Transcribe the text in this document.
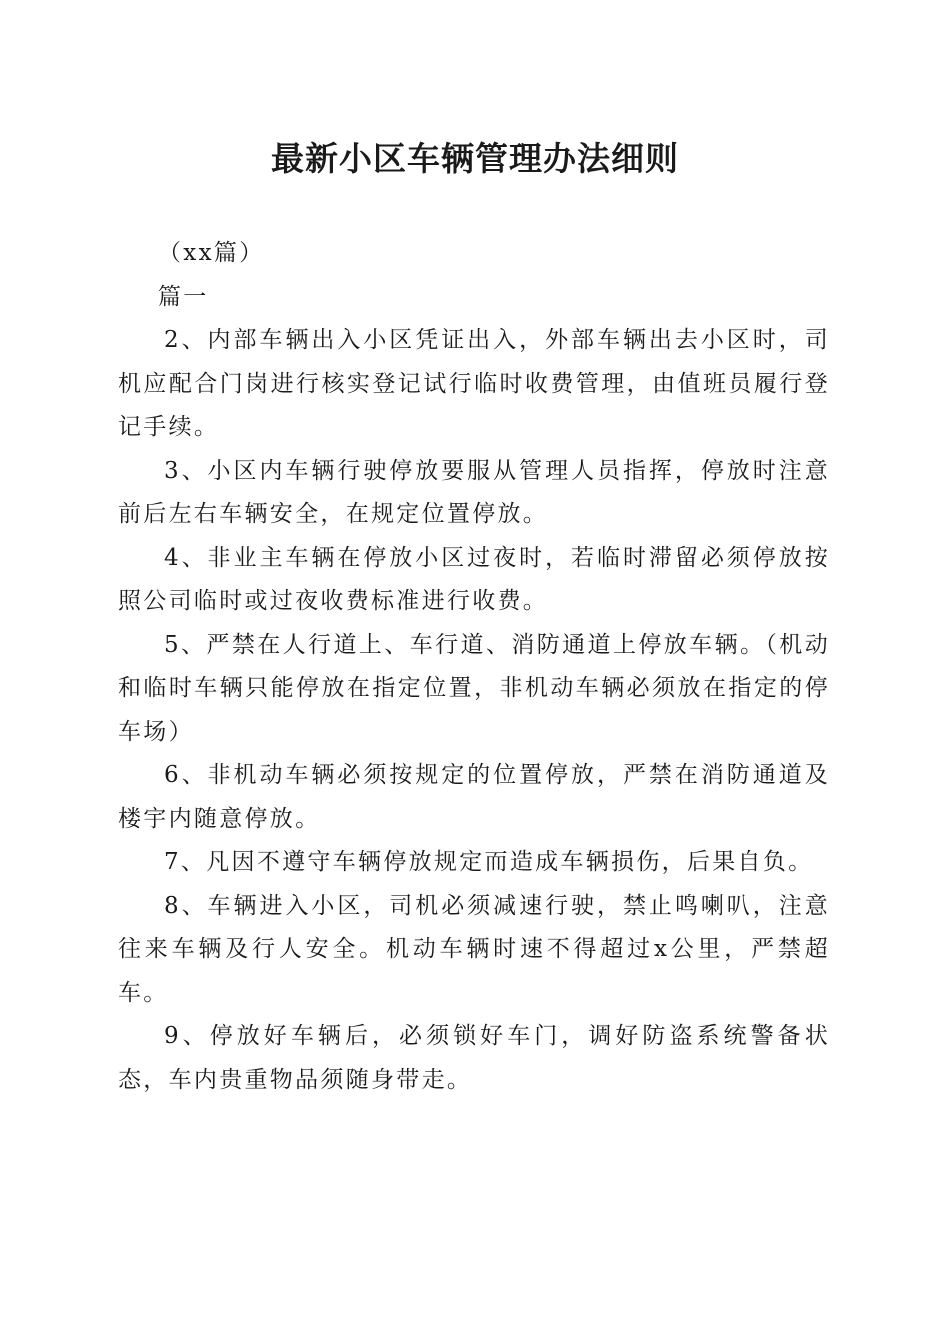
最新小区车辆管理办法细则

（xx篇）

篇一

2、内部车辆出入小区凭证出入，外部车辆出去小区时，司机应配合门岗进行核实登记试行临时收费管理，由值班员履行登记手续。

3、小区内车辆行驶停放要服从管理人员指挥，停放时注意前后左右车辆安全，在规定位置停放。

4、非业主车辆在停放小区过夜时，若临时滞留必须停放按照公司临时或过夜收费标准进行收费。

5、严禁在人行道上、车行道、消防通道上停放车辆。（机动和临时车辆只能停放在指定位置，非机动车辆必须放在指定的停车场）

6、非机动车辆必须按规定的位置停放，严禁在消防通道及楼宇内随意停放。

7、凡因不遵守车辆停放规定而造成车辆损伤，后果自负。

8、车辆进入小区，司机必须减速行驶，禁止鸣喇叭，注意往来车辆及行人安全。机动车辆时速不得超过x公里，严禁超车。

9、停放好车辆后，必须锁好车门，调好防盗系统警备状态，车内贵重物品须随身带走。
